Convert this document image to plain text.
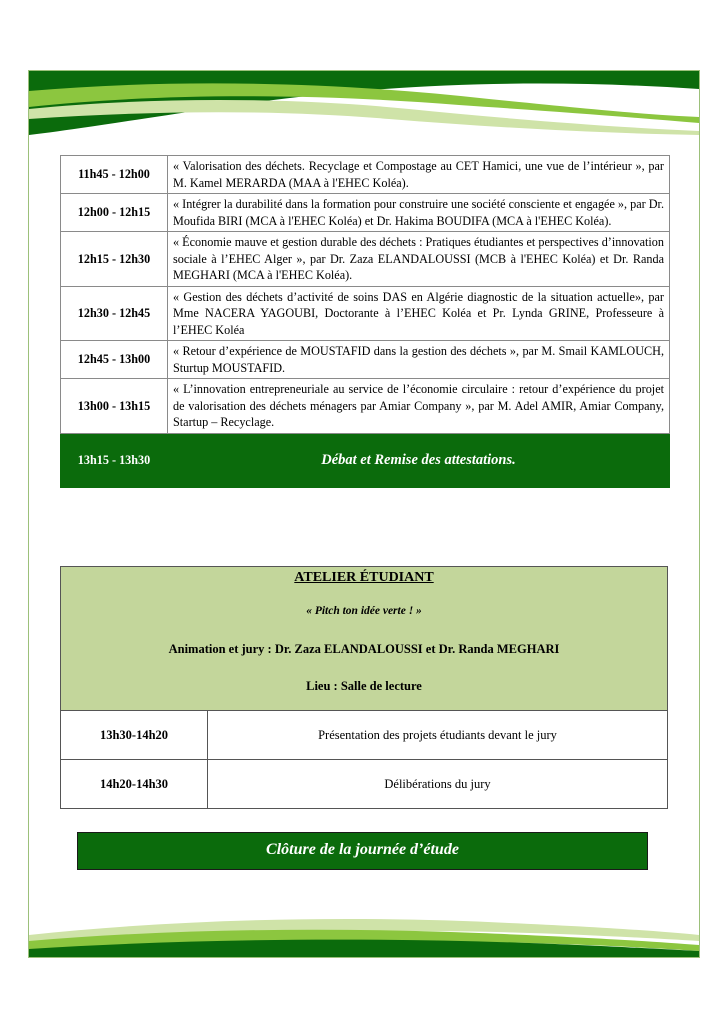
11h45 - 12h00	« Valorisation des déchets. Recyclage et Compostage au CET Hamici, une vue de l’intérieur », par M. Kamel MERARDA (MAA à l'EHEC Koléa).
12h00 - 12h15	« Intégrer la durabilité dans la formation pour construire une société consciente et engagée », par Dr. Moufida BIRI (MCA à l'EHEC Koléa) et Dr. Hakima BOUDIFA (MCA à l'EHEC Koléa).
12h15 - 12h30	« Économie mauve et gestion durable des déchets : Pratiques étudiantes et perspectives d’innovation sociale à l’EHEC Alger », par Dr. Zaza ELANDALOUSSI (MCB à l'EHEC Koléa) et Dr. Randa MEGHARI (MCA à l'EHEC Koléa).
12h30 - 12h45	« Gestion des déchets d’activité de soins DAS en Algérie diagnostic de la situation actuelle», par Mme NACERA YAGOUBI, Doctorante à l’EHEC Koléa et Pr. Lynda GRINE, Professeure à l’EHEC Koléa
12h45 - 13h00	« Retour d’expérience de MOUSTAFID dans la gestion des déchets », par M. Smail KAMLOUCH, Sturtup MOUSTAFID.
13h00 - 13h15	« L’innovation entrepreneuriale au service de l’économie circulaire : retour d’expérience du projet de valorisation des déchets ménagers par Amiar Company », par M. Adel AMIR, Amiar Company, Startup – Recyclage.
13h15 - 13h30	Débat et Remise des attestations.
ATELIER ÉTUDIANT
« Pitch ton idée verte ! »
Animation et jury : Dr. Zaza ELANDALOUSSI et Dr. Randa MEGHARI
Lieu : Salle de lecture
13h30-14h20	Présentation des projets étudiants devant le jury
14h20-14h30	Délibérations du jury
Clôture de la journée d’étude
